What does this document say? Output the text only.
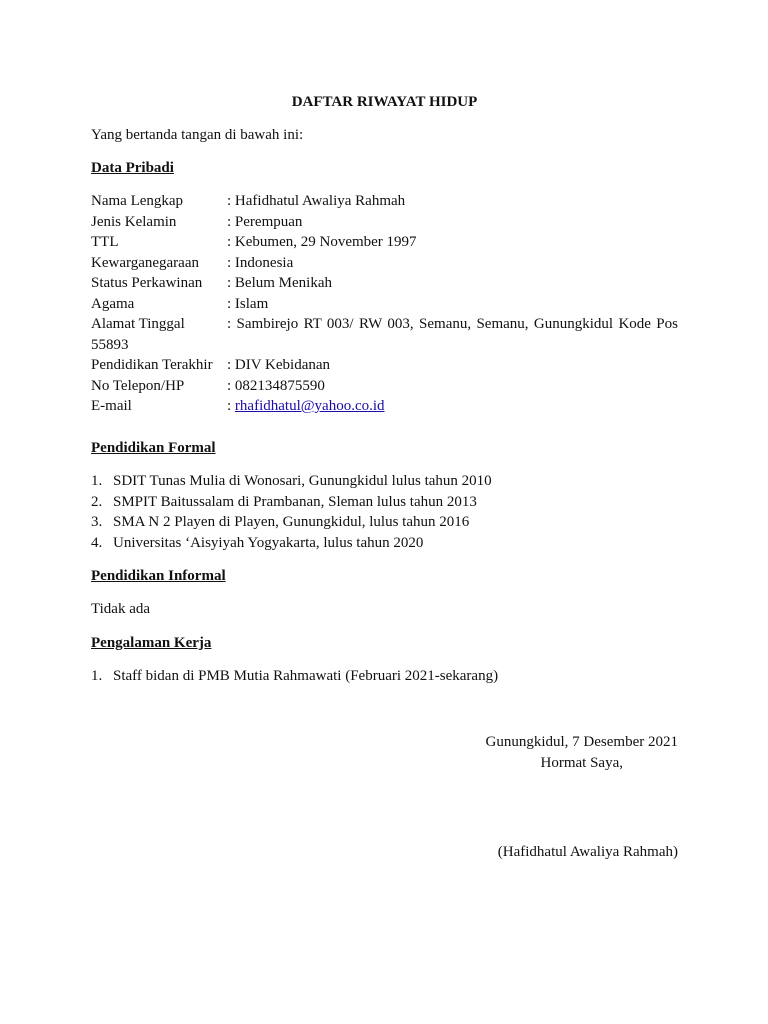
DAFTAR RIWAYAT HIDUP
Yang bertanda tangan di bawah ini:
Data Pribadi
Nama Lengkap	: Hafidhatul Awaliya Rahmah
Jenis Kelamin	: Perempuan
TTL	: Kebumen, 29 November 1997
Kewarganegaraan : Indonesia
Status Perkawinan : Belum Menikah
Agama	: Islam
Alamat Tinggal	: Sambirejo RT 003/ RW 003, Semanu, Semanu, Gunungkidul Kode Pos
55893
Pendidikan Terakhir : DIV Kebidanan
No Telepon/HP	: 082134875590
E-mail	: rhafidhatul@yahoo.co.id
Pendidikan Formal
1. SDIT Tunas Mulia di Wonosari, Gunungkidul lulus tahun 2010
2. SMPIT Baitussalam di Prambanan, Sleman lulus tahun 2013
3. SMA N 2 Playen di Playen, Gunungkidul, lulus tahun 2016
4. Universitas ‘Aisyiyah Yogyakarta, lulus tahun 2020
Pendidikan Informal
Tidak ada
Pengalaman Kerja
1. Staff bidan di PMB Mutia Rahmawati (Februari 2021-sekarang)
Gunungkidul, 7 Desember 2021
Hormat Saya,
(Hafidhatul Awaliya Rahmah)
